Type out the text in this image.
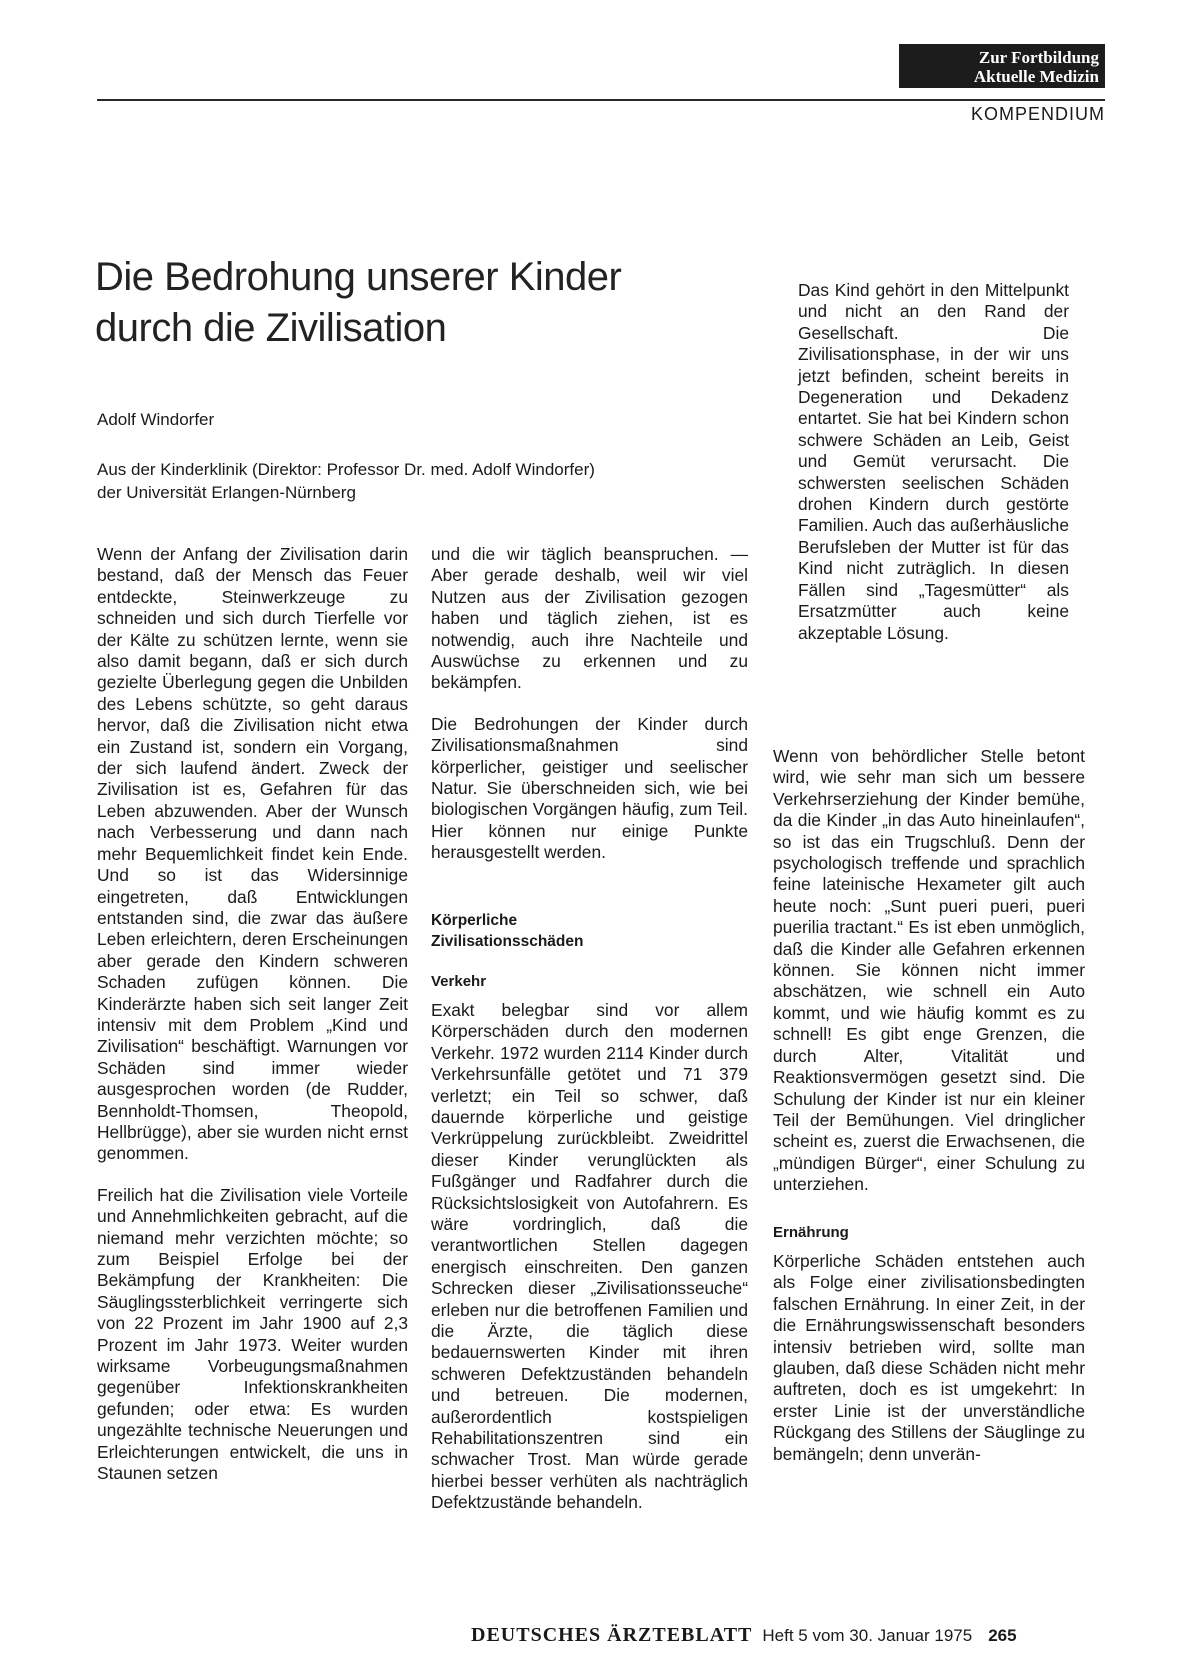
Zur Fortbildung
Aktuelle Medizin
KOMPENDIUM
Die Bedrohung unserer Kinder
durch die Zivilisation
Adolf Windorfer
Aus der Kinderklinik (Direktor: Professor Dr. med. Adolf Windorfer)
der Universität Erlangen-Nürnberg

Wenn der Anfang der Zivilisation darin bestand, daß der Mensch das Feuer entdeckte, Steinwerkzeuge zu schneiden und sich durch Tierfelle vor der Kälte zu schützen lernte, wenn sie also damit begann, daß er sich durch gezielte Überlegung gegen die Unbilden des Lebens schützte, so geht daraus hervor, daß die Zivilisation nicht etwa ein Zustand ist, sondern ein Vorgang, der sich laufend ändert. Zweck der Zivilisation ist es, Gefahren für das Leben abzuwenden. Aber der Wunsch nach Verbesserung und dann nach mehr Bequemlichkeit findet kein Ende. Und so ist das Widersinnige eingetreten, daß Entwicklungen entstanden sind, die zwar das äußere Leben erleichtern, deren Erscheinungen aber gerade den Kindern schweren Schaden zufügen können. Die Kinderärzte haben sich seit langer Zeit intensiv mit dem Problem „Kind und Zivilisation“ beschäftigt. Warnungen vor Schäden sind immer wieder ausgesprochen worden (de Rudder, Bennholdt-Thomsen, Theopold, Hellbrügge), aber sie wurden nicht ernst genommen.

Freilich hat die Zivilisation viele Vorteile und Annehmlichkeiten gebracht, auf die niemand mehr verzichten möchte; so zum Beispiel Erfolge bei der Bekämpfung der Krankheiten: Die Säuglingssterblichkeit verringerte sich von 22 Prozent im Jahr 1900 auf 2,3 Prozent im Jahr 1973. Weiter wurden wirksame Vorbeugungsmaßnahmen gegenüber Infektionskrankheiten gefunden; oder etwa: Es wurden ungezählte technische Neuerungen und Erleichterungen entwickelt, die uns in Staunen setzen

und die wir täglich beanspruchen. — Aber gerade deshalb, weil wir viel Nutzen aus der Zivilisation gezogen haben und täglich ziehen, ist es notwendig, auch ihre Nachteile und Auswüchse zu erkennen und zu bekämpfen.

Die Bedrohungen der Kinder durch Zivilisationsmaßnahmen sind körperlicher, geistiger und seelischer Natur. Sie überschneiden sich, wie bei biologischen Vorgängen häufig, zum Teil. Hier können nur einige Punkte herausgestellt werden.

Körperliche
Zivilisationsschäden

Verkehr

Exakt belegbar sind vor allem Körperschäden durch den modernen Verkehr. 1972 wurden 2114 Kinder durch Verkehrsunfälle getötet und 71 379 verletzt; ein Teil so schwer, daß dauernde körperliche und geistige Verkrüppelung zurückbleibt. Zweidrittel dieser Kinder verunglückten als Fußgänger und Radfahrer durch die Rücksichtslosigkeit von Autofahrern. Es wäre vordringlich, daß die verantwortlichen Stellen dagegen energisch einschreiten. Den ganzen Schrecken dieser „Zivilisationsseuche“ erleben nur die betroffenen Familien und die Ärzte, die täglich diese bedauernswerten Kinder mit ihren schweren Defektzuständen behandeln und betreuen. Die modernen, außerordentlich kostspieligen Rehabilitationszentren sind ein schwacher Trost. Man würde gerade hierbei besser verhüten als nachträglich Defektzustände behandeln.

Das Kind gehört in den Mittelpunkt und nicht an den Rand der Gesellschaft. Die Zivilisationsphase, in der wir uns jetzt befinden, scheint bereits in Degeneration und Dekadenz entartet. Sie hat bei Kindern schon schwere Schäden an Leib, Geist und Gemüt verursacht. Die schwersten seelischen Schäden drohen Kindern durch gestörte Familien. Auch das außerhäusliche Berufsleben der Mutter ist für das Kind nicht zuträglich. In diesen Fällen sind „Tagesmütter“ als Ersatzmütter auch keine akzeptable Lösung.

Wenn von behördlicher Stelle betont wird, wie sehr man sich um bessere Verkehrserziehung der Kinder bemühe, da die Kinder „in das Auto hineinlaufen“, so ist das ein Trugschluß. Denn der psychologisch treffende und sprachlich feine lateinische Hexameter gilt auch heute noch: „Sunt pueri pueri, pueri puerilia tractant.“ Es ist eben unmöglich, daß die Kinder alle Gefahren erkennen können. Sie können nicht immer abschätzen, wie schnell ein Auto kommt, und wie häufig kommt es zu schnell! Es gibt enge Grenzen, die durch Alter, Vitalität und Reaktionsvermögen gesetzt sind. Die Schulung der Kinder ist nur ein kleiner Teil der Bemühungen. Viel dringlicher scheint es, zuerst die Erwachsenen, die „mündigen Bürger“, einer Schulung zu unterziehen.

Ernährung

Körperliche Schäden entstehen auch als Folge einer zivilisationsbedingten falschen Ernährung. In einer Zeit, in der die Ernährungswissenschaft besonders intensiv betrieben wird, sollte man glauben, daß diese Schäden nicht mehr auftreten, doch es ist umgekehrt: In erster Linie ist der unverständliche Rückgang des Stillens der Säuglinge zu bemängeln; denn unverän-

DEUTSCHES ÄRZTEBLATT Heft 5 vom 30. Januar 1975 265
